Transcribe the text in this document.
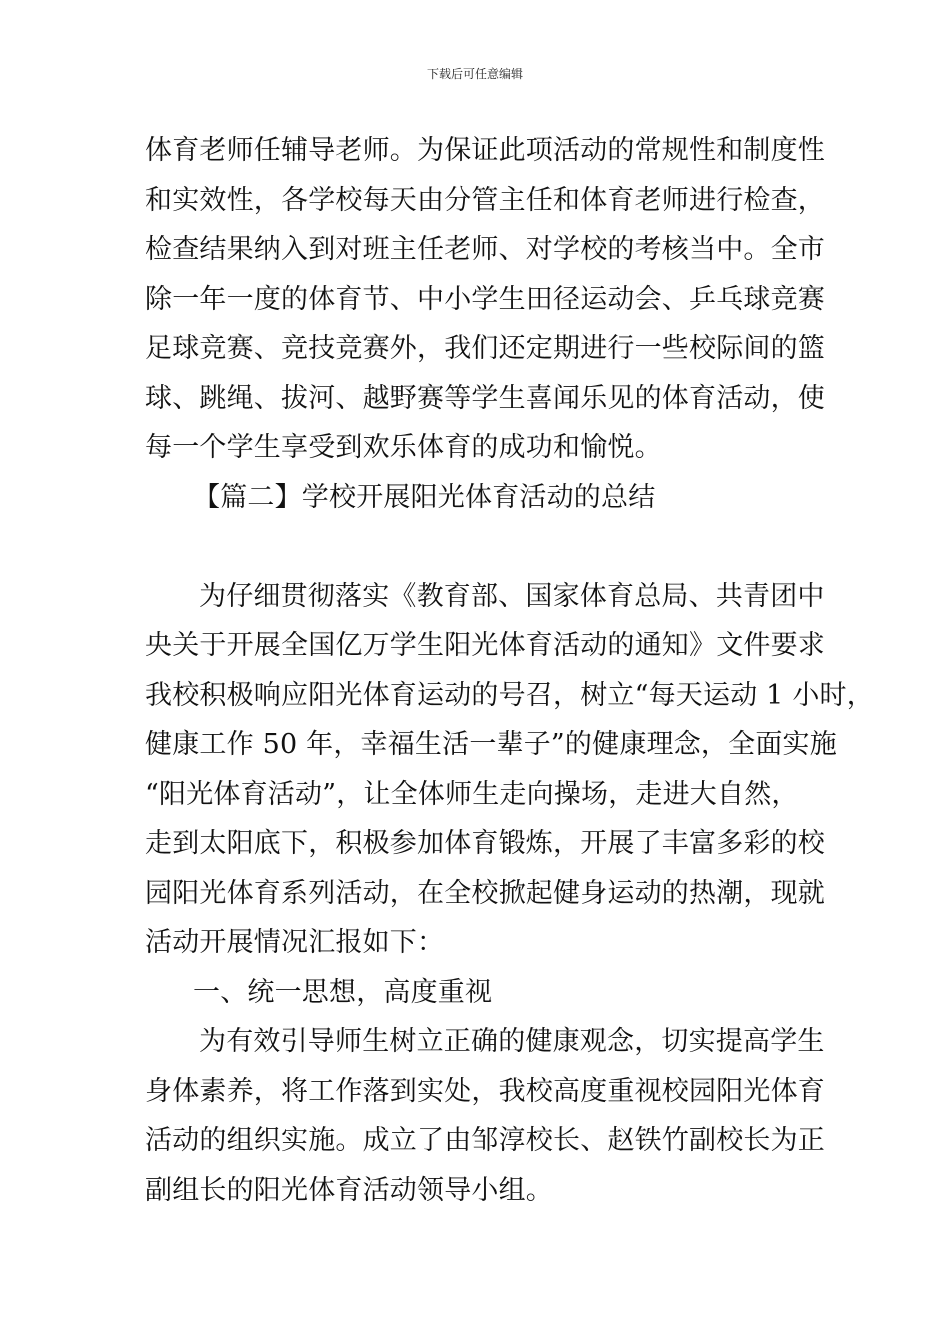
下载后可任意编辑
体育老师任辅导老师。为保证此项活动的常规性和制度性
和实效性，各学校每天由分管主任和体育老师进行检查，
检查结果纳入到对班主任老师、对学校的考核当中。全市
除一年一度的体育节、中小学生田径运动会、乒乓球竞赛
足球竞赛、竞技竞赛外，我们还定期进行一些校际间的篮
球、跳绳、拔河、越野赛等学生喜闻乐见的体育活动，使
每一个学生享受到欢乐体育的成功和愉悦。
【篇二】学校开展阳光体育活动的总结
为仔细贯彻落实《教育部、国家体育总局、共青团中
央关于开展全国亿万学生阳光体育活动的通知》文件要求
我校积极响应阳光体育运动的号召，树立“每天运动 1 小时，
健康工作 50 年，幸福生活一辈子”的健康理念，全面实施
“阳光体育活动”，让全体师生走向操场，走进大自然，
走到太阳底下，积极参加体育锻炼，开展了丰富多彩的校
园阳光体育系列活动，在全校掀起健身运动的热潮，现就
活动开展情况汇报如下：
一、统一思想，高度重视
为有效引导师生树立正确的健康观念，切实提高学生
身体素养，将工作落到实处，我校高度重视校园阳光体育
活动的组织实施。成立了由邹淳校长、赵铁竹副校长为正
副组长的阳光体育活动领导小组。
